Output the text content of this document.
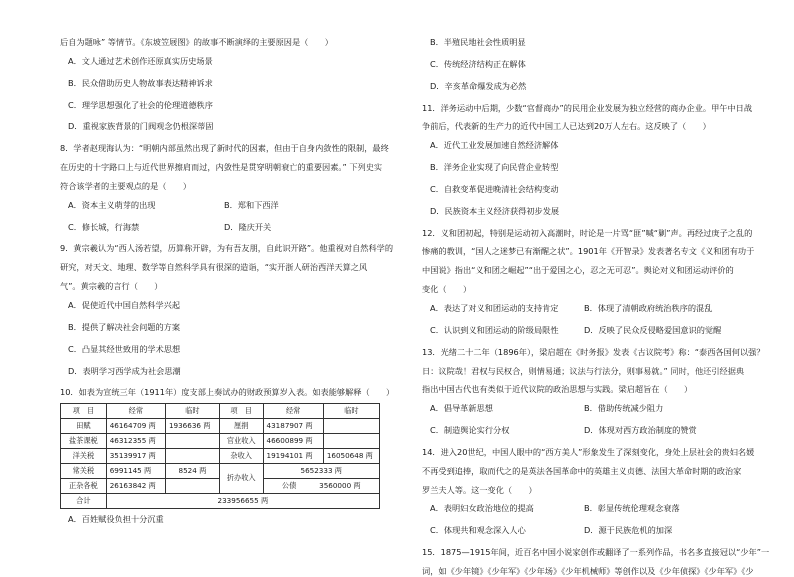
后自为题咏” 等情节。《东坡笠屐图》的故事不断演绎的主要原因是（　　）
A．文人通过艺术创作还原真实历史场景
B．民众借助历史人物故事表达精神诉求
C．理学思想强化了社会的伦理道德秩序
D．重视家族背景的门阀观念仍根深蒂固
8．学者赵现海认为：“明朝内部虽然出现了新时代的因素，但由于自身内敛性的限制，最终
在历史的十字路口上与近代世界擦肩而过，内敛性是贯穿明朝衰亡的重要因素。” 下列史实
符合该学者的主要观点的是（　　）
A．资本主义萌芽的出现	B．郑和下西洋
C．修长城，行海禁	D．隆庆开关
9．黄宗羲认为“西人汤若望，历算称开辟，为有吾友朋，自此识开路”。他重视对自然科学的
研究，对天文、地理、数学等自然科学具有很深的造诣，“实开浙人研治西洋天算之风
气”。黄宗羲的言行（　　）
A．促使近代中国自然科学兴起
B．提供了解决社会问题的方案
C．凸显其经世致用的学术思想
D．表明学习西学成为社会思潮
10．如表为宣统三年（1911年）度支部上奏试办的财政预算岁入表。如表能够解释（　　）
项　目	经常	临时	项　目	经常	临时
田赋	46164709 两	1936636 两	厘捐	43187907 两	
盐茶课税	46312355 两		官业收入	46600899 两	
洋关税	35139917 两		杂收入	19194101 两	16050648 两
常关税	6991145 两	8524 两	折办收入	5652333 两	
正杂各税	26163842 两			公债 3560000 两	
合计	233956655 两				
A．百姓赋役负担十分沉重
B．半殖民地社会性质明显
C．传统经济结构正在解体
D．辛亥革命爆发成为必然
11．洋务运动中后期，少数“官督商办”的民用企业发展为独立经营的商办企业。甲午中日战
争前后，代表新的生产力的近代中国工人已达到20万人左右。这反映了（　　）
A．近代工业发展加速自然经济解体
B．洋务企业实现了向民营企业转型
C．自救变革促进晚清社会结构变动
D．民族资本主义经济获得初步发展
12．义和团初起，特别是运动初入高潮时，时论是一片骂“匪”喊“剿”声。再经过庚子之乱的
惨痛的教训，“国人之迷梦已有渐醒之状”。1901年《开智录》发表著名专文《义和团有功于
中国说》指出“义和团之崛起”“出于爱国之心，忍之无可忍”。舆论对义和团运动评价的
变化（　　）
A．表达了对义和团运动的支持肯定	B．体现了清朝政府统治秩序的混乱
C．认识到义和团运动的阶级局限性	D．反映了民众反侵略爱国意识的觉醒
13．光绪二十二年（1896年），梁启超在《时务报》发表《古议院考》称：“泰西各国何以强？
日：议院哉！君权与民权合，则情易通；议法与行法分，则事易就。” 同时，他还引经据典
指出中国古代也有类似于近代议院的政治思想与实践。梁启超旨在（　　）
A．倡导革新思想	B．借助传统减少阻力
C．制造舆论实行分权	D．体现对西方政治制度的赞赏
14．进入20世纪，中国人眼中的“西方美人”形象发生了深刻变化，身处上层社会的贵妇名媛
不再受到追捧，取而代之的是英法各国革命中的英雄主义贞德、法国大革命时期的政治家
罗兰夫人等。这一变化（　　）
A．表明妇女政治地位的提高	B．彰显传统伦理观念衰落
C．体现共和观念深入人心	D．源于民族危机的加深
15．1875—1915年间，近百名中国小说家创作或翻译了一系列作品，书名多直接冠以“少年”一
词，如《少年镜》《少年军》《少年场》《少年机械师》等创作以及《少年侦探》《少年军》《少
